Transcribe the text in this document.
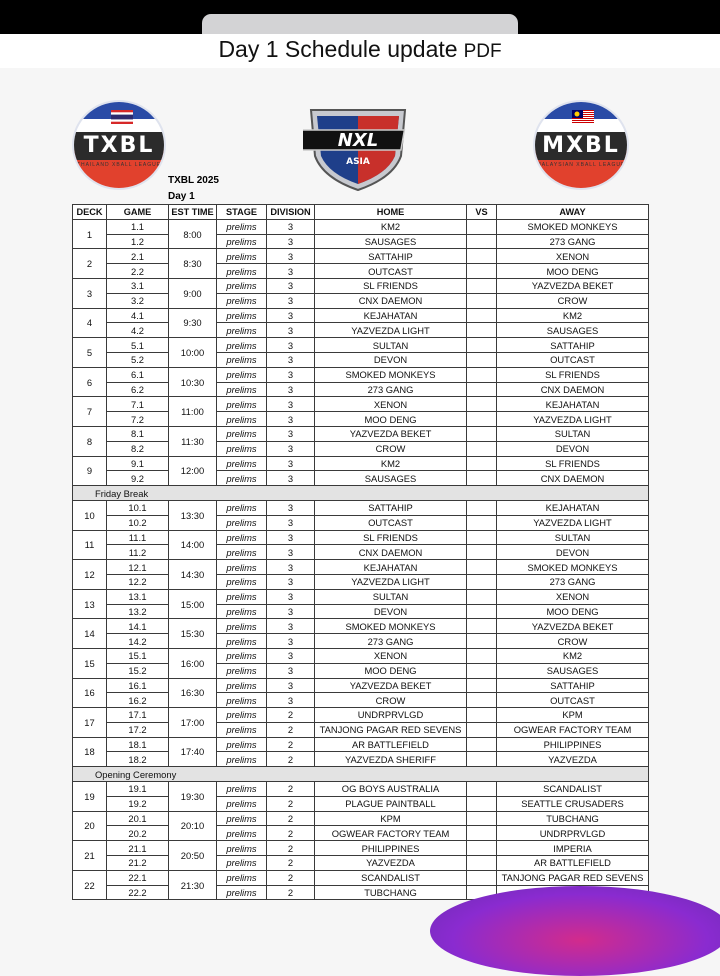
Day 1 Schedule update PDF
TXBL
THAILAND XBALL LEAGUE
NXL
ASIA
MXBL
MALAYSIAN XBALL LEAGUE
TXBL 2025
Day 1
DECK	GAME	EST TIME	STAGE	DIVISION	HOME	VS	AWAY
1	1.1	8:00	prelims	3	KM2		SMOKED MONKEYS
	1.2		prelims	3	SAUSAGES		273 GANG
2	2.1	8:30	prelims	3	SATTAHIP		XENON
	2.2		prelims	3	OUTCAST		MOO DENG
3	3.1	9:00	prelims	3	SL FRIENDS		YAZVEZDA BEKET
	3.2		prelims	3	CNX DAEMON		CROW
4	4.1	9:30	prelims	3	KEJAHATAN		KM2
	4.2		prelims	3	YAZVEZDA LIGHT		SAUSAGES
5	5.1	10:00	prelims	3	SULTAN		SATTAHIP
	5.2		prelims	3	DEVON		OUTCAST
6	6.1	10:30	prelims	3	SMOKED MONKEYS		SL FRIENDS
	6.2		prelims	3	273 GANG		CNX DAEMON
7	7.1	11:00	prelims	3	XENON		KEJAHATAN
	7.2		prelims	3	MOO DENG		YAZVEZDA LIGHT
8	8.1	11:30	prelims	3	YAZVEZDA BEKET		SULTAN
	8.2		prelims	3	CROW		DEVON
9	9.1	12:00	prelims	3	KM2		SL FRIENDS
	9.2		prelims	3	SAUSAGES		CNX DAEMON
Friday Break							
10	10.1	13:30	prelims	3	SATTAHIP		KEJAHATAN
	10.2		prelims	3	OUTCAST		YAZVEZDA LIGHT
11	11.1	14:00	prelims	3	SL FRIENDS		SULTAN
	11.2		prelims	3	CNX DAEMON		DEVON
12	12.1	14:30	prelims	3	KEJAHATAN		SMOKED MONKEYS
	12.2		prelims	3	YAZVEZDA LIGHT		273 GANG
13	13.1	15:00	prelims	3	SULTAN		XENON
	13.2		prelims	3	DEVON		MOO DENG
14	14.1	15:30	prelims	3	SMOKED MONKEYS		YAZVEZDA BEKET
	14.2		prelims	3	273 GANG		CROW
15	15.1	16:00	prelims	3	XENON		KM2
	15.2		prelims	3	MOO DENG		SAUSAGES
16	16.1	16:30	prelims	3	YAZVEZDA BEKET		SATTAHIP
	16.2		prelims	3	CROW		OUTCAST
17	17.1	17:00	prelims	2	UNDRPRVLGD		KPM
	17.2		prelims	2	TANJONG PAGAR RED SEVENS		OGWEAR FACTORY TEAM
18	18.1	17:40	prelims	2	AR BATTLEFIELD		PHILIPPINES
	18.2		prelims	2	YAZVEZDA SHERIFF		YAZVEZDA
Opening Ceremony							
19	19.1	19:30	prelims	2	OG BOYS AUSTRALIA		SCANDALIST
	19.2		prelims	2	PLAGUE PAINTBALL		SEATTLE CRUSADERS
20	20.1	20:10	prelims	2	KPM		TUBCHANG
	20.2		prelims	2	OGWEAR FACTORY TEAM		UNDRPRVLGD
21	21.1	20:50	prelims	2	PHILIPPINES		IMPERIA
	21.2		prelims	2	YAZVEZDA		AR BATTLEFIELD
22	22.1	21:30	prelims	2	SCANDALIST		TANJONG PAGAR RED SEVENS
	22.2		prelims	2	TUBCHANG		
